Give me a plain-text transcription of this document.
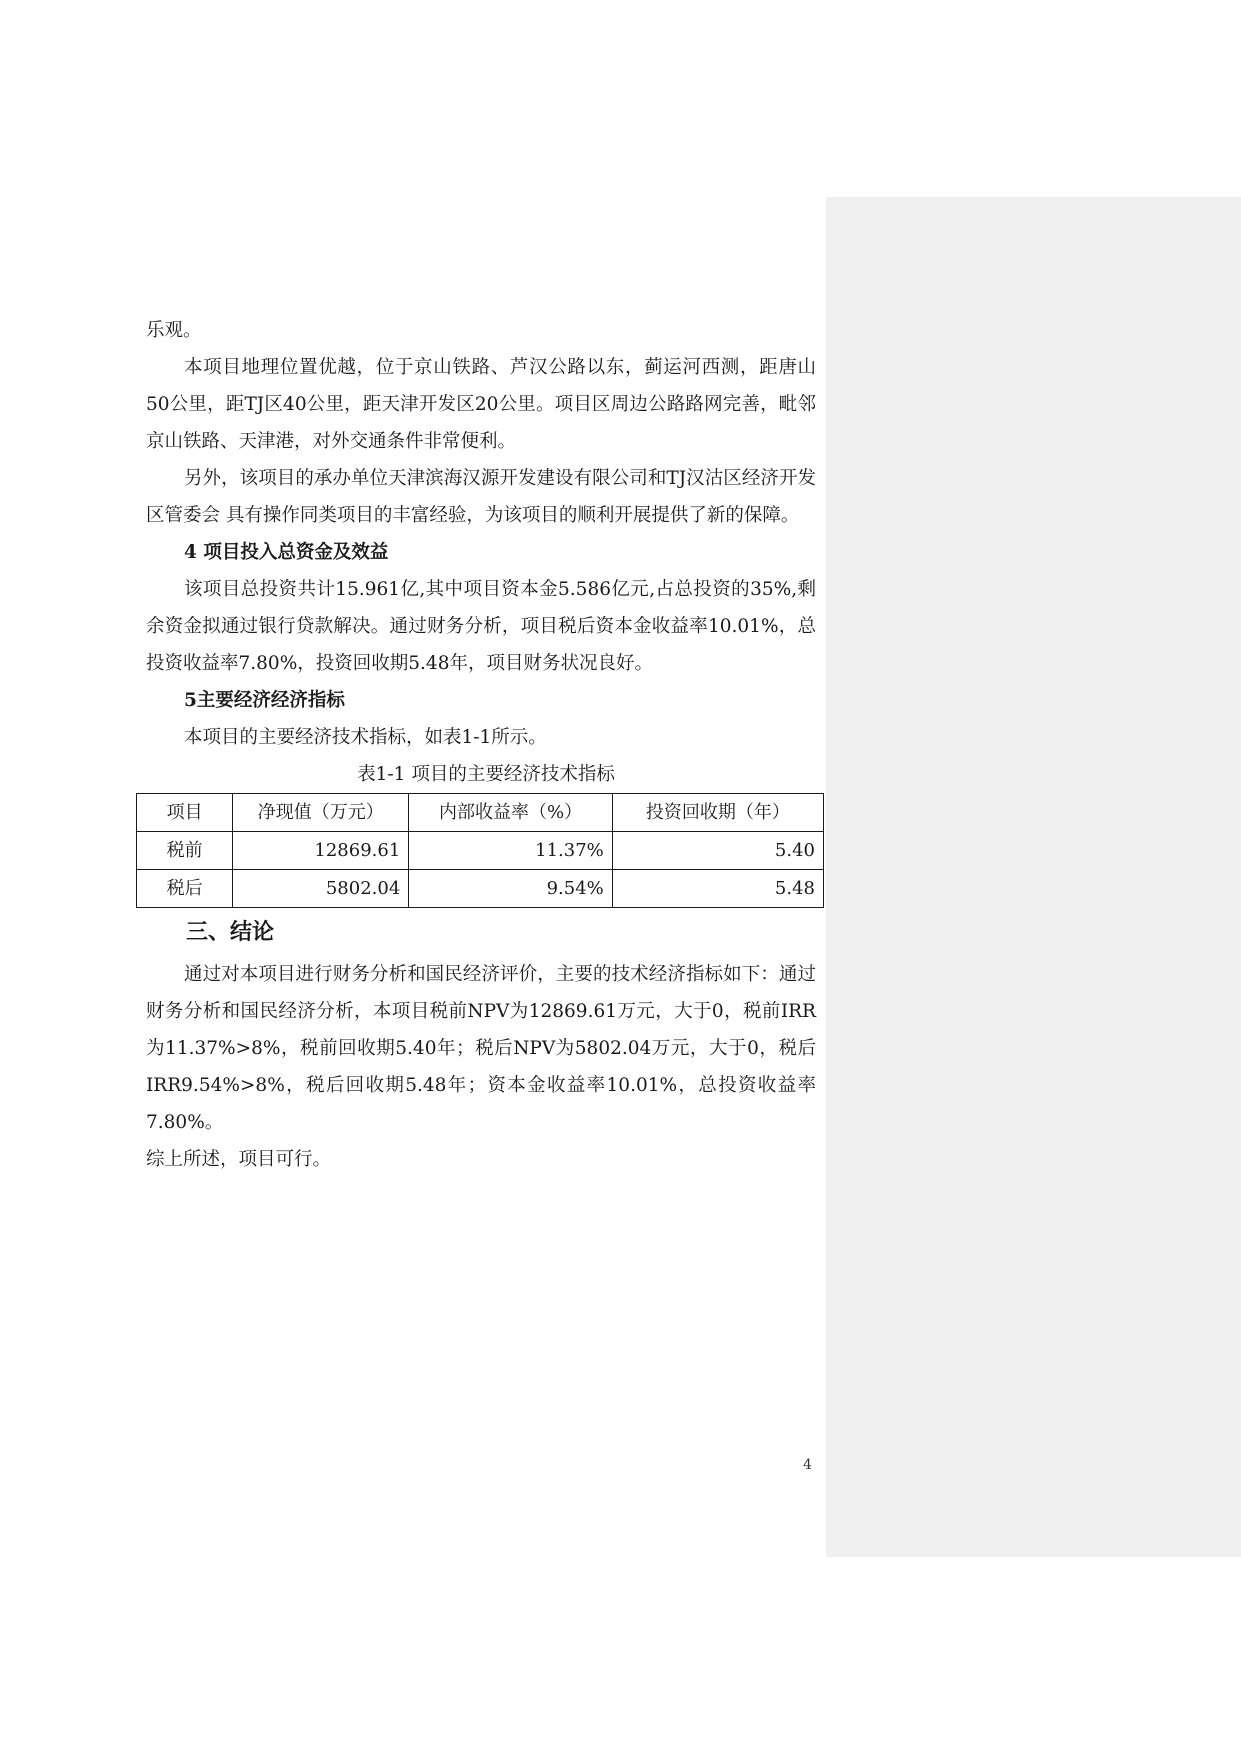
乐观。

本项目地理位置优越，位于京山铁路、芦汉公路以东，蓟运河西测，距唐山50公里，距TJ区40公里，距天津开发区20公里。项目区周边公路路网完善，毗邻京山铁路、天津港，对外交通条件非常便利。

另外，该项目的承办单位天津滨海汉源开发建设有限公司和TJ汉沽区经济开发区管委会 具有操作同类项目的丰富经验，为该项目的顺利开展提供了新的保障。

4 项目投入总资金及效益

该项目总投资共计15.961亿,其中项目资本金5.586亿元,占总投资的35%,剩余资金拟通过银行贷款解决。通过财务分析，项目税后资本金收益率10.01%，总投资收益率7.80%，投资回收期5.48年，项目财务状况良好。

5主要经济经济指标

本项目的主要经济技术指标，如表1-1所示。

表1-1 项目的主要经济技术指标

项目	净现值（万元）	内部收益率（%）	投资回收期（年）
税前	12869.61	11.37%	5.40
税后	5802.04	9.54%	5.48
三、结论

通过对本项目进行财务分析和国民经济评价，主要的技术经济指标如下：通过财务分析和国民经济分析，本项目税前NPV为12869.61万元，大于0，税前IRR为11.37%>8%，税前回收期5.40年；税后NPV为5802.04万元，大于0，税后IRR9.54%>8%，税后回收期5.48年；资本金收益率10.01%，总投资收益率7.80%。

综上所述，项目可行。

4
